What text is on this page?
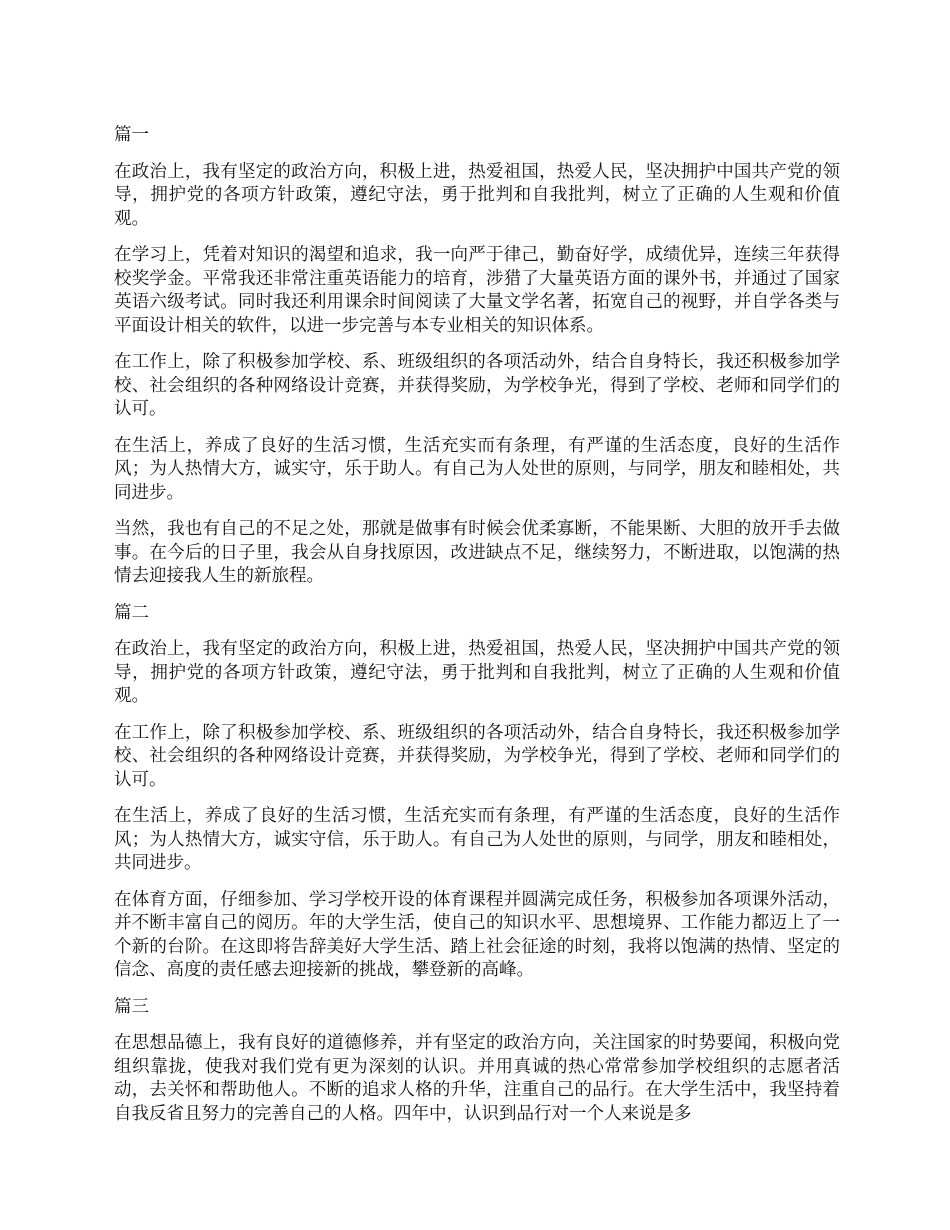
篇一

在政治上，我有坚定的政治方向，积极上进，热爱祖国，热爱人民，坚决拥护中国共产党的领导，拥护党的各项方针政策，遵纪守法，勇于批判和自我批判，树立了正确的人生观和价值观。

在学习上，凭着对知识的渴望和追求，我一向严于律己，勤奋好学，成绩优异，连续三年获得校奖学金。平常我还非常注重英语能力的培育，涉猎了大量英语方面的课外书，并通过了国家英语六级考试。同时我还利用课余时间阅读了大量文学名著，拓宽自己的视野，并自学各类与平面设计相关的软件，以进一步完善与本专业相关的知识体系。

在工作上，除了积极参加学校、系、班级组织的各项活动外，结合自身特长，我还积极参加学校、社会组织的各种网络设计竞赛，并获得奖励，为学校争光，得到了学校、老师和同学们的认可。

在生活上，养成了良好的生活习惯，生活充实而有条理，有严谨的生活态度，良好的生活作风；为人热情大方，诚实守，乐于助人。有自己为人处世的原则，与同学，朋友和睦相处，共同进步。

当然，我也有自己的不足之处，那就是做事有时候会优柔寡断，不能果断、大胆的放开手去做事。在今后的日子里，我会从自身找原因，改进缺点不足，继续努力，不断进取，以饱满的热情去迎接我人生的新旅程。

篇二

在政治上，我有坚定的政治方向，积极上进，热爱祖国，热爱人民，坚决拥护中国共产党的领导，拥护党的各项方针政策，遵纪守法，勇于批判和自我批判，树立了正确的人生观和价值观。

在工作上，除了积极参加学校、系、班级组织的各项活动外，结合自身特长，我还积极参加学校、社会组织的各种网络设计竞赛，并获得奖励，为学校争光，得到了学校、老师和同学们的认可。

在生活上，养成了良好的生活习惯，生活充实而有条理，有严谨的生活态度，良好的生活作风；为人热情大方，诚实守信，乐于助人。有自己为人处世的原则，与同学，朋友和睦相处，共同进步。

在体育方面，仔细参加、学习学校开设的体育课程并圆满完成任务，积极参加各项课外活动，并不断丰富自己的阅历。年的大学生活，使自己的知识水平、思想境界、工作能力都迈上了一个新的台阶。在这即将告辞美好大学生活、踏上社会征途的时刻，我将以饱满的热情、坚定的信念、高度的责任感去迎接新的挑战，攀登新的高峰。

篇三

在思想品德上，我有良好的道德修养，并有坚定的政治方向，关注国家的时势要闻，积极向党组织靠拢，使我对我们党有更为深刻的认识。并用真诚的热心常常参加学校组织的志愿者活动，去关怀和帮助他人。不断的追求人格的升华，注重自己的品行。在大学生活中，我坚持着自我反省且努力的完善自己的人格。四年中，认识到品行对一个人来说是多
